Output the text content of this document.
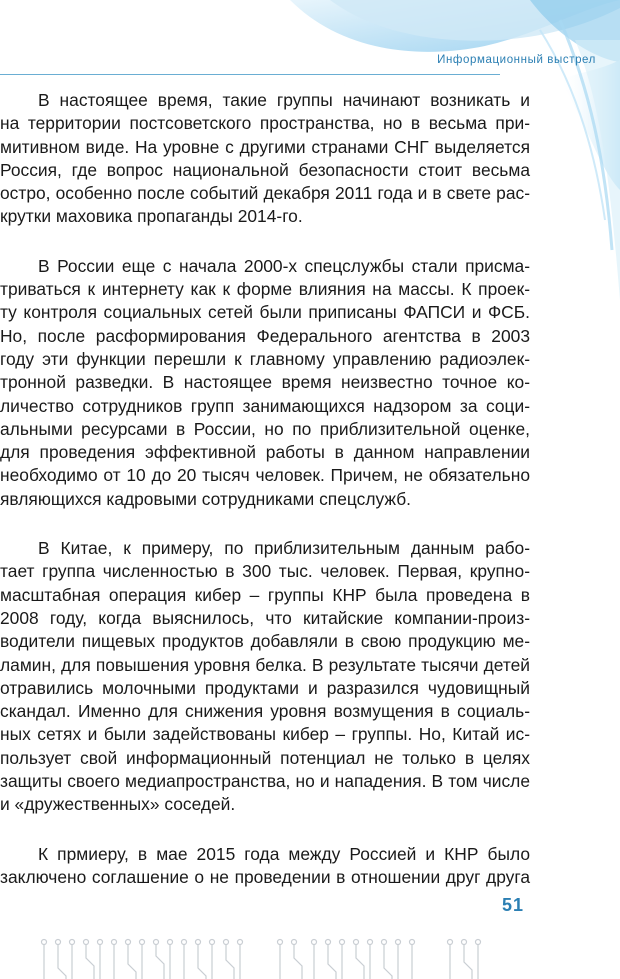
Информационный выстрел

В настоящее время, такие группы начинают возникать и
на территории постсоветского пространства, но в весьма при-
митивном виде. На уровне с другими странами СНГ выделяется
Россия, где вопрос национальной безопасности стоит весьма
остро, особенно после событий декабря 2011 года и в свете рас-
крутки маховика пропаганды 2014-го.

В России еще с начала 2000-х спецслужбы стали присма-
триваться к интернету как к форме влияния на массы. К проек-
ту контроля социальных сетей были приписаны ФАПСИ и ФСБ.
Но, после расформирования Федерального агентства в 2003
году эти функции перешли к главному управлению радиоэлек-
тронной разведки. В настоящее время неизвестно точное ко-
личество сотрудников групп занимающихся надзором за соци-
альными ресурсами в России, но по приблизительной оценке,
для проведения эффективной работы в данном направлении
необходимо от 10 до 20 тысяч человек. Причем, не обязательно
являющихся кадровыми сотрудниками спецслужб.

В Китае, к примеру, по приблизительным данным рабо-
тает группа численностью в 300 тыс. человек. Первая, крупно-
масштабная операция кибер – группы КНР была проведена в
2008 году, когда выяснилось, что китайские компании-произ-
водители пищевых продуктов добавляли в свою продукцию ме-
ламин, для повышения уровня белка. В результате тысячи детей
отравились молочными продуктами и разразился чудовищный
скандал. Именно для снижения уровня возмущения в социаль-
ных сетях и были задействованы кибер – группы. Но, Китай ис-
пользует свой информационный потенциал не только в целях
защиты своего медиапространства, но и нападения. В том числе
и «дружественных» соседей.

К прмиеру, в мае 2015 года между Россией и КНР было
заключено соглашение о не проведении в отношении друг друга

51
